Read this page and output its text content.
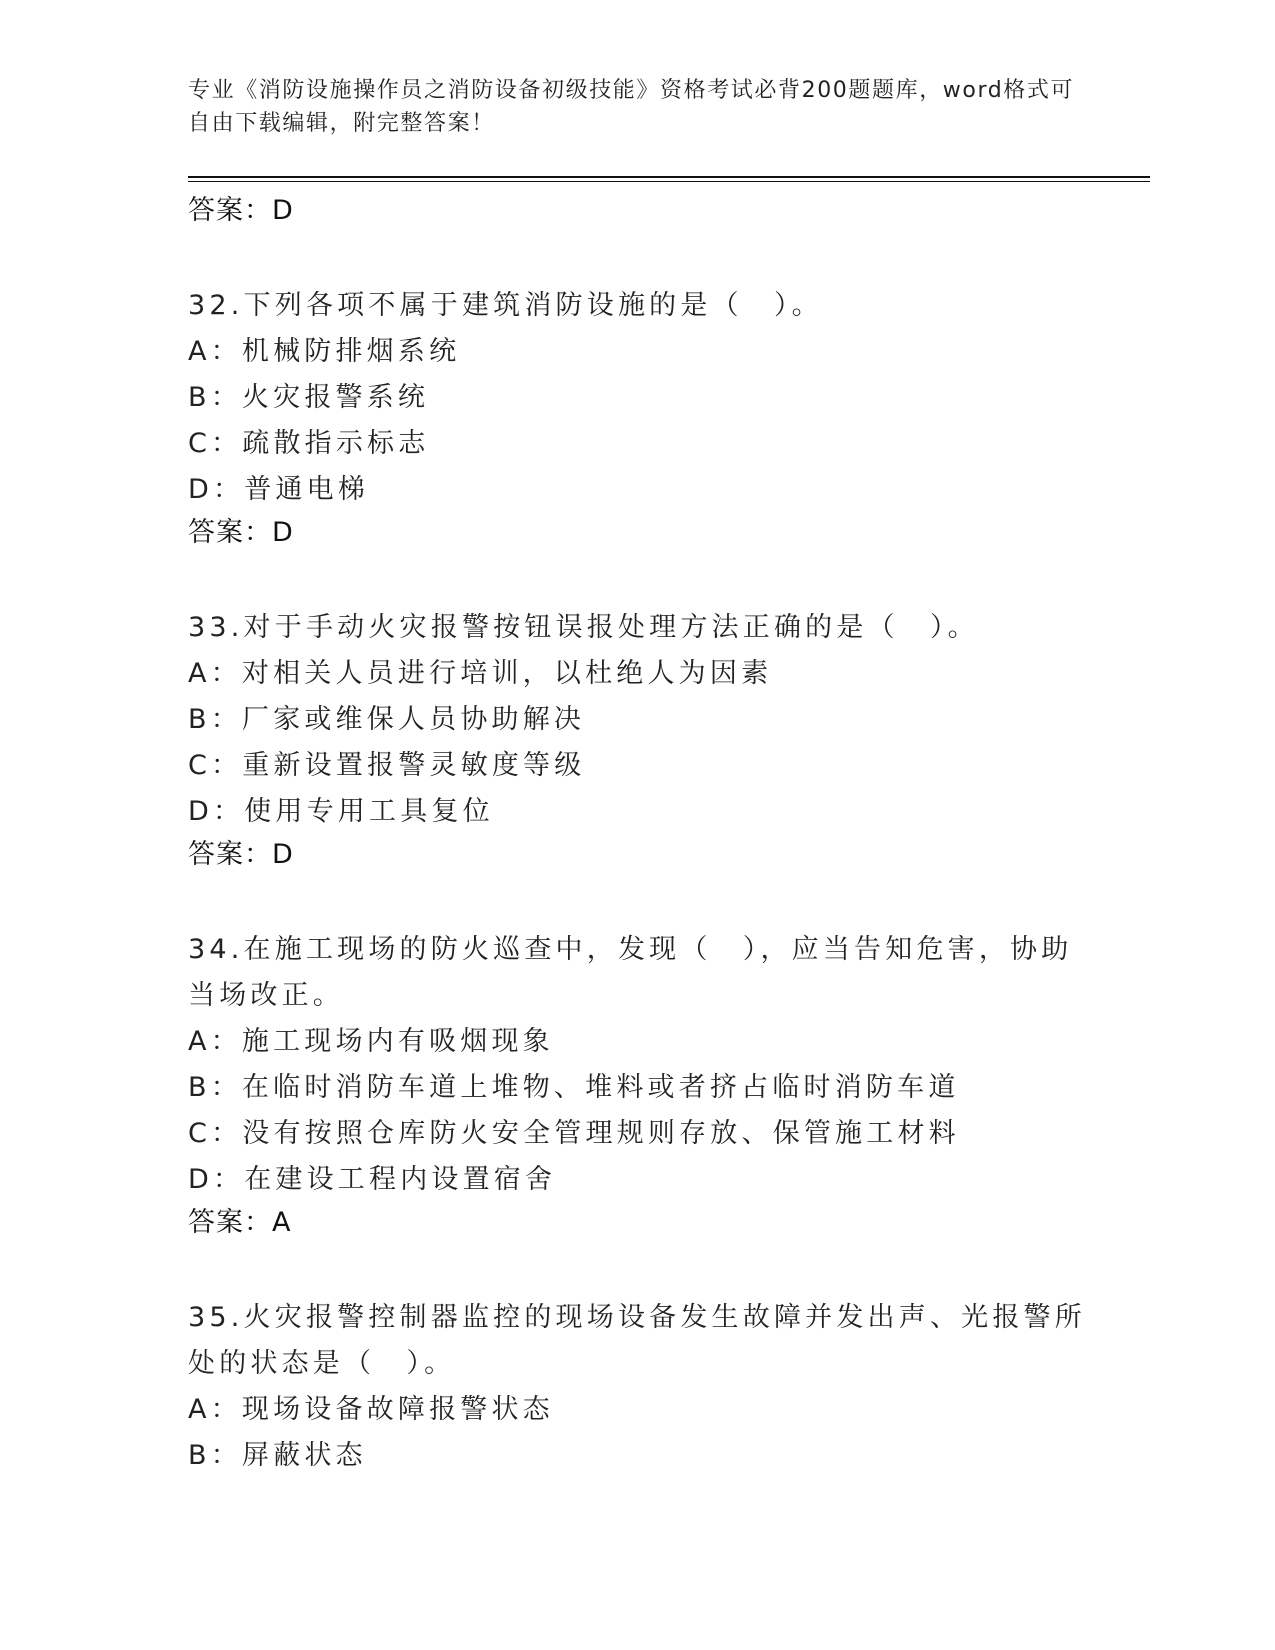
专业《消防设施操作员之消防设备初级技能》资格考试必背200题题库，word格式可自由下载编辑，附完整答案！
答案：D
32.下列各项不属于建筑消防设施的是（　）。
A：机械防排烟系统
B：火灾报警系统
C：疏散指示标志
D：普通电梯
答案：D
33.对于手动火灾报警按钮误报处理方法正确的是（　）。
A：对相关人员进行培训，以杜绝人为因素
B：厂家或维保人员协助解决
C：重新设置报警灵敏度等级
D：使用专用工具复位
答案：D
34.在施工现场的防火巡查中，发现（　），应当告知危害，协助当场改正。
A：施工现场内有吸烟现象
B：在临时消防车道上堆物、堆料或者挤占临时消防车道
C：没有按照仓库防火安全管理规则存放、保管施工材料
D：在建设工程内设置宿舍
答案：A
35.火灾报警控制器监控的现场设备发生故障并发出声、光报警所处的状态是（　）。
A：现场设备故障报警状态
B：屏蔽状态
